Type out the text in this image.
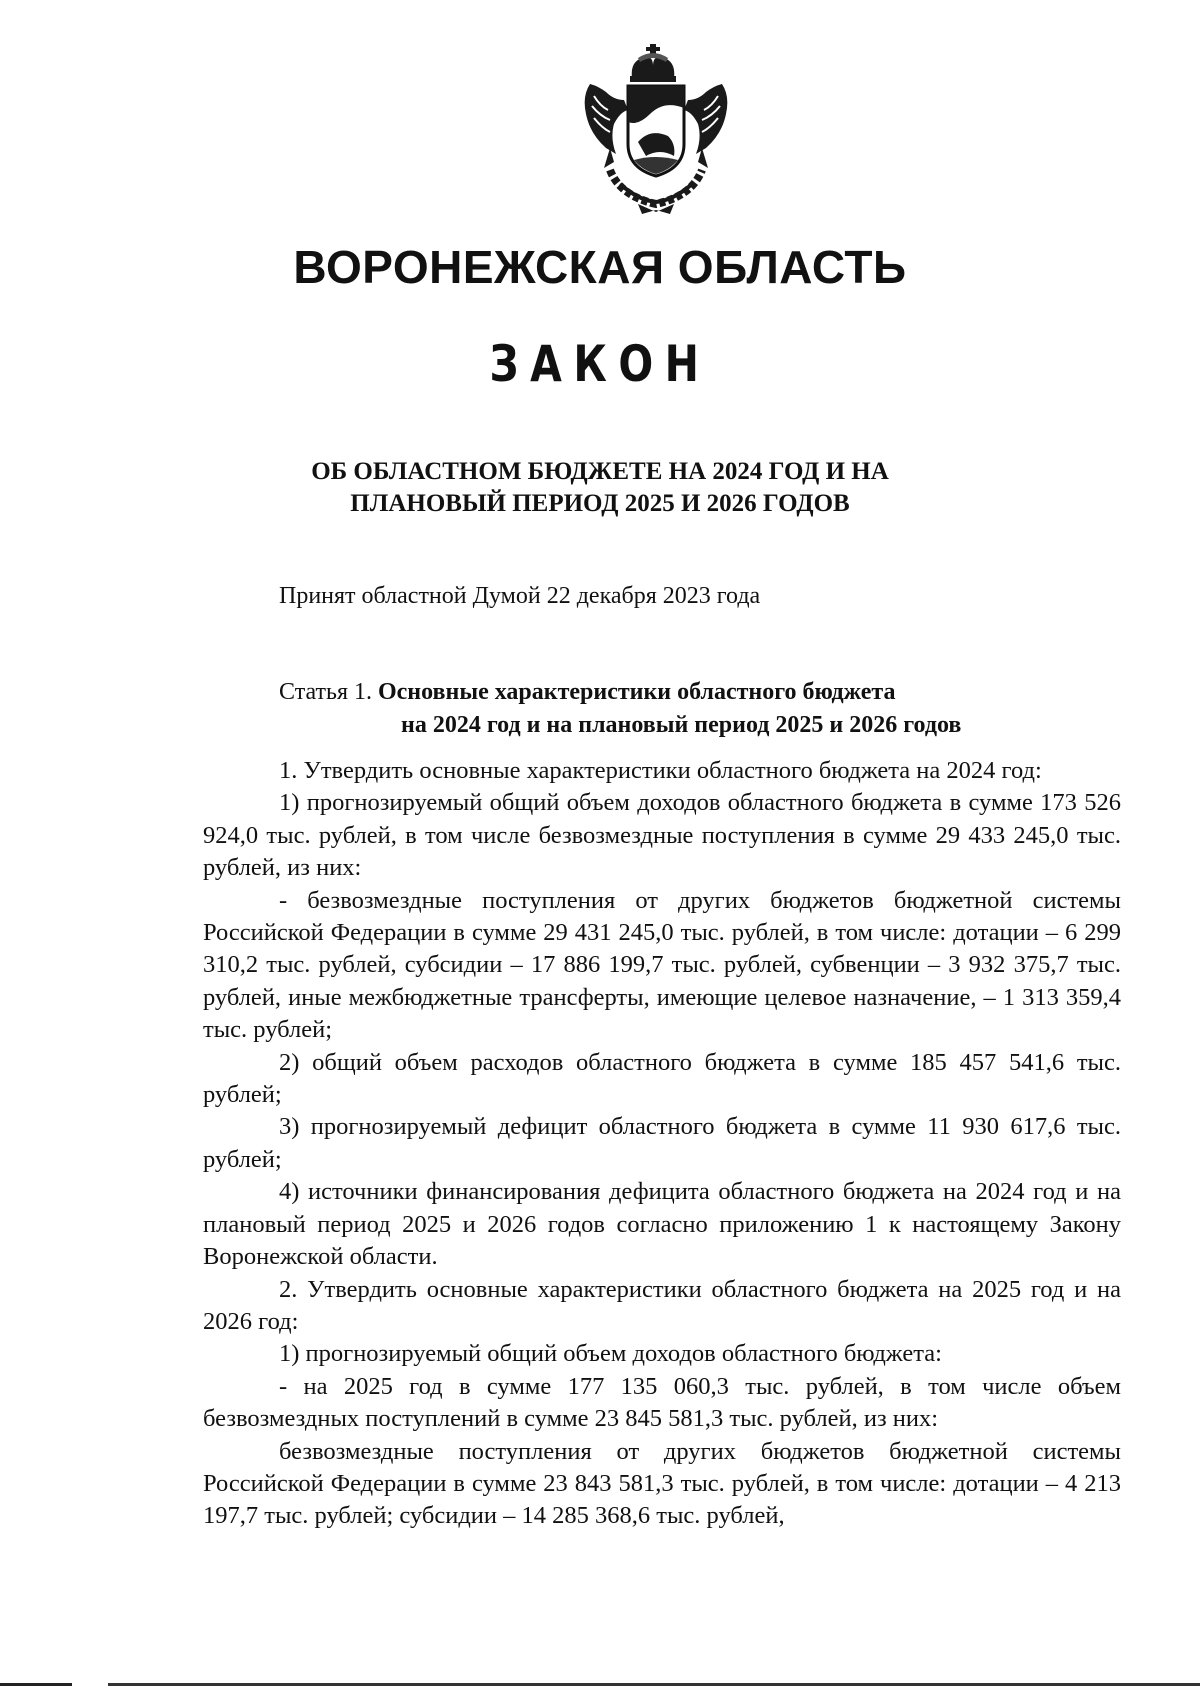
ВОРОНЕЖСКАЯ ОБЛАСТЬ
ЗАКОН
ОБ ОБЛАСТНОМ БЮДЖЕТЕ НА 2024 ГОД И НА
ПЛАНОВЫЙ ПЕРИОД 2025 И 2026 ГОДОВ
Принят областной Думой 22 декабря 2023 года
Статья 1. Основные характеристики областного бюджета
на 2024 год и на плановый период 2025 и 2026 годов

1. Утвердить основные характеристики областного бюджета на 2024 год:

1) прогнозируемый общий объем доходов областного бюджета в сумме 173 526 924,0 тыс. рублей, в том числе безвозмездные поступления в сумме 29 433 245,0 тыс. рублей, из них:

- безвозмездные поступления от других бюджетов бюджетной системы Российской Федерации в сумме 29 431 245,0 тыс. рублей, в том числе: дотации – 6 299 310,2 тыс. рублей, субсидии – 17 886 199,7 тыс. рублей, субвенции – 3 932 375,7 тыс. рублей, иные межбюджетные трансферты, имеющие целевое назначение, – 1 313 359,4 тыс. рублей;

2) общий объем расходов областного бюджета в сумме 185 457 541,6 тыс. рублей;

3) прогнозируемый дефицит областного бюджета в сумме 11 930 617,6 тыс. рублей;

4) источники финансирования дефицита областного бюджета на 2024 год и на плановый период 2025 и 2026 годов согласно приложению 1 к настоящему Закону Воронежской области.

2. Утвердить основные характеристики областного бюджета на 2025 год и на 2026 год:

1) прогнозируемый общий объем доходов областного бюджета:

- на 2025 год в сумме 177 135 060,3 тыс. рублей, в том числе объем безвозмездных поступлений в сумме 23 845 581,3 тыс. рублей, из них:

безвозмездные поступления от других бюджетов бюджетной системы Российской Федерации в сумме 23 843 581,3 тыс. рублей, в том числе: дотации – 4 213 197,7 тыс. рублей; субсидии – 14 285 368,6 тыс. рублей,
